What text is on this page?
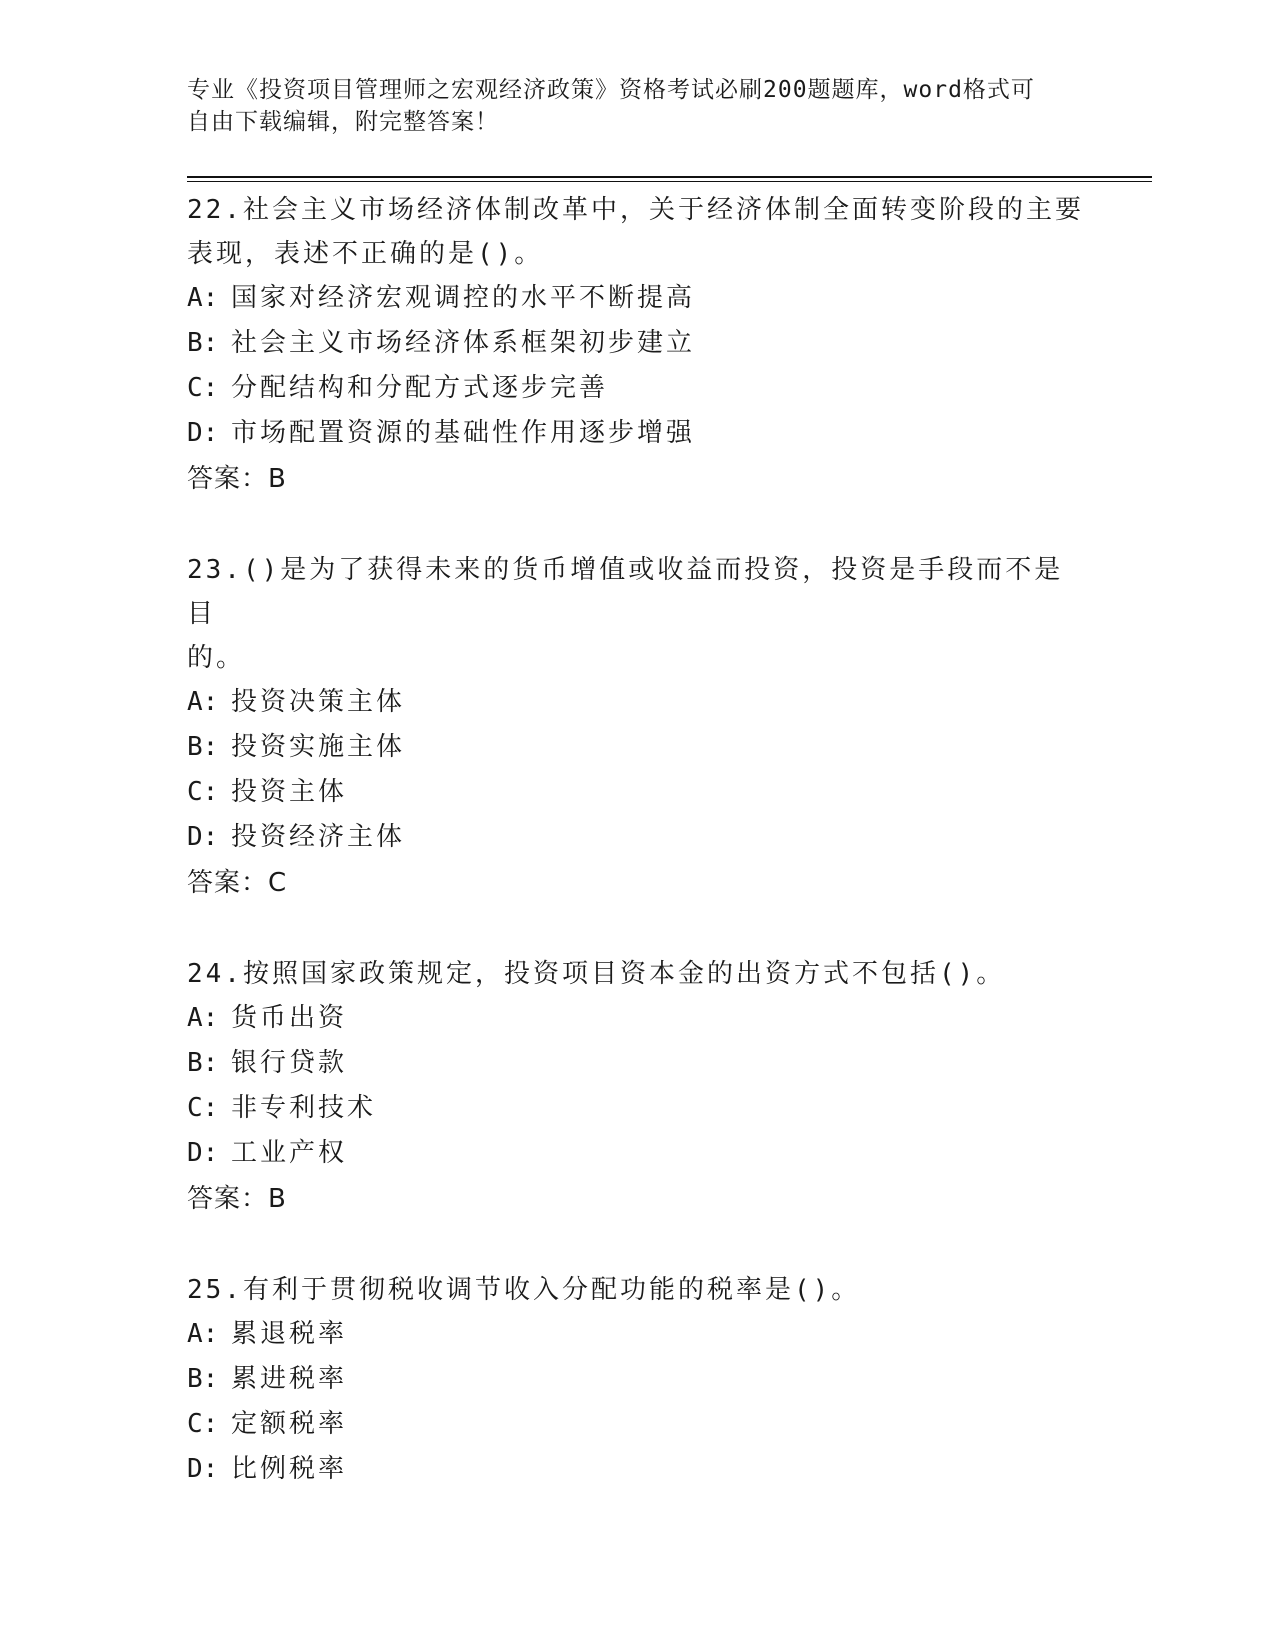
专业《投资项目管理师之宏观经济政策》资格考试必刷200题题库，word格式可
自由下载编辑，附完整答案！
22.社会主义市场经济体制改革中，关于经济体制全面转变阶段的主要
表现，表述不正确的是()。
A: 国家对经济宏观调控的水平不断提高
B: 社会主义市场经济体系框架初步建立
C: 分配结构和分配方式逐步完善
D: 市场配置资源的基础性作用逐步增强
答案：B
23.()是为了获得未来的货币增值或收益而投资，投资是手段而不是目
的。
A: 投资决策主体
B: 投资实施主体
C: 投资主体
D: 投资经济主体
答案：C
24.按照国家政策规定，投资项目资本金的出资方式不包括()。
A: 货币出资
B: 银行贷款
C: 非专利技术
D: 工业产权
答案：B
25.有利于贯彻税收调节收入分配功能的税率是()。
A: 累退税率
B: 累进税率
C: 定额税率
D: 比例税率
